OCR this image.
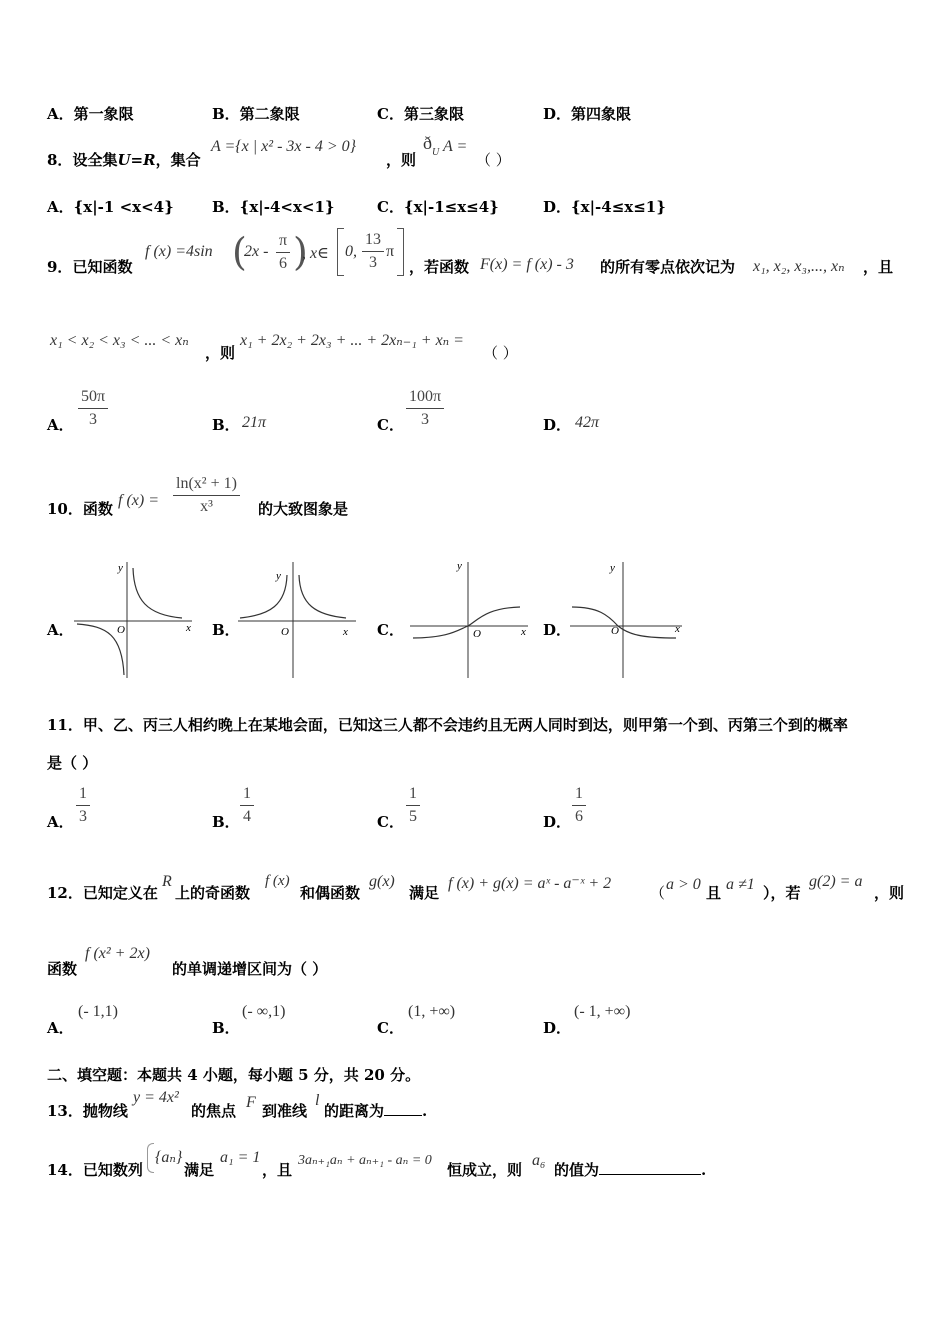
A．第一象限	B．第二象限	C．第三象限	D．第四象限
8．设全集U=R，集合
A ={x | x² - 3x - 4 > 0}
，则
ð U A =
（ ）
A．{x|-1 <x<4}	B．{x|-4<x<1}	C．{x|-1≤x≤4}	D．{x|-4≤x≤1}
9．已知函数
f (x) =4sin (
$2x - \frac{\pi}{6}$ )
, x∈ 0, $\frac{13}{3}$ π
，若函数 F(x) = f (x) - 3 的所有零点依次记为 x₁, x₂, x₃,..., xₙ ，且
x₁ < x₂ < x₃ < ... < xₙ
，则
x₁ + 2x₂ + 2x₃ + ... + 2xₙ₋₁ + xₙ =
（ ）
A． $\frac{50\pi}{3}$	B． 21π	C． $\frac{100\pi}{3}$	D． 42π
10．函数 f $(x) = \frac{\text{ln(x² + 1)}}{\text{x³}}$ 的大致图象是
A．	B．	C．	D．
y
x
O
y
x
O
y
x
O
y
x
O
11．甲、乙、丙三人相约晚上在某地会面，已知这三人都不会违约且无两人同时到达，则甲第一个到、丙第三个到的概率
是（ ）
A． $\frac{1}{3}$	B． $\frac{1}{4}$	C． $\frac{1}{5}$	D． $\frac{1}{6}$
12．已知定义在
R
上的奇函数
f (x)
和偶函数
g(x)
满足
f (x) + g(x) = aˣ - a⁻ˣ + 2
（ a > 0 且 a ≠1 ），若
g(2) = a
，则
函数
f (x² + 2x)
的单调递增区间为（ ）
A．
(- 1,1)
B．
(- ∞,1)
C．
(1, +∞)
D．
(- 1, +∞)
二、填空题：本题共 4 小题，每小题 5 分，共 20 分。
13．抛物线
y = 4x²
的焦点 F 到准线
l
的距离为	.
14．已知数列
{aₙ}
满足
a₁ = 1
，且
3aₙ₊₁aₙ + aₙ₊₁ - aₙ = 0
恒成立，则
a₆
的值为	.
